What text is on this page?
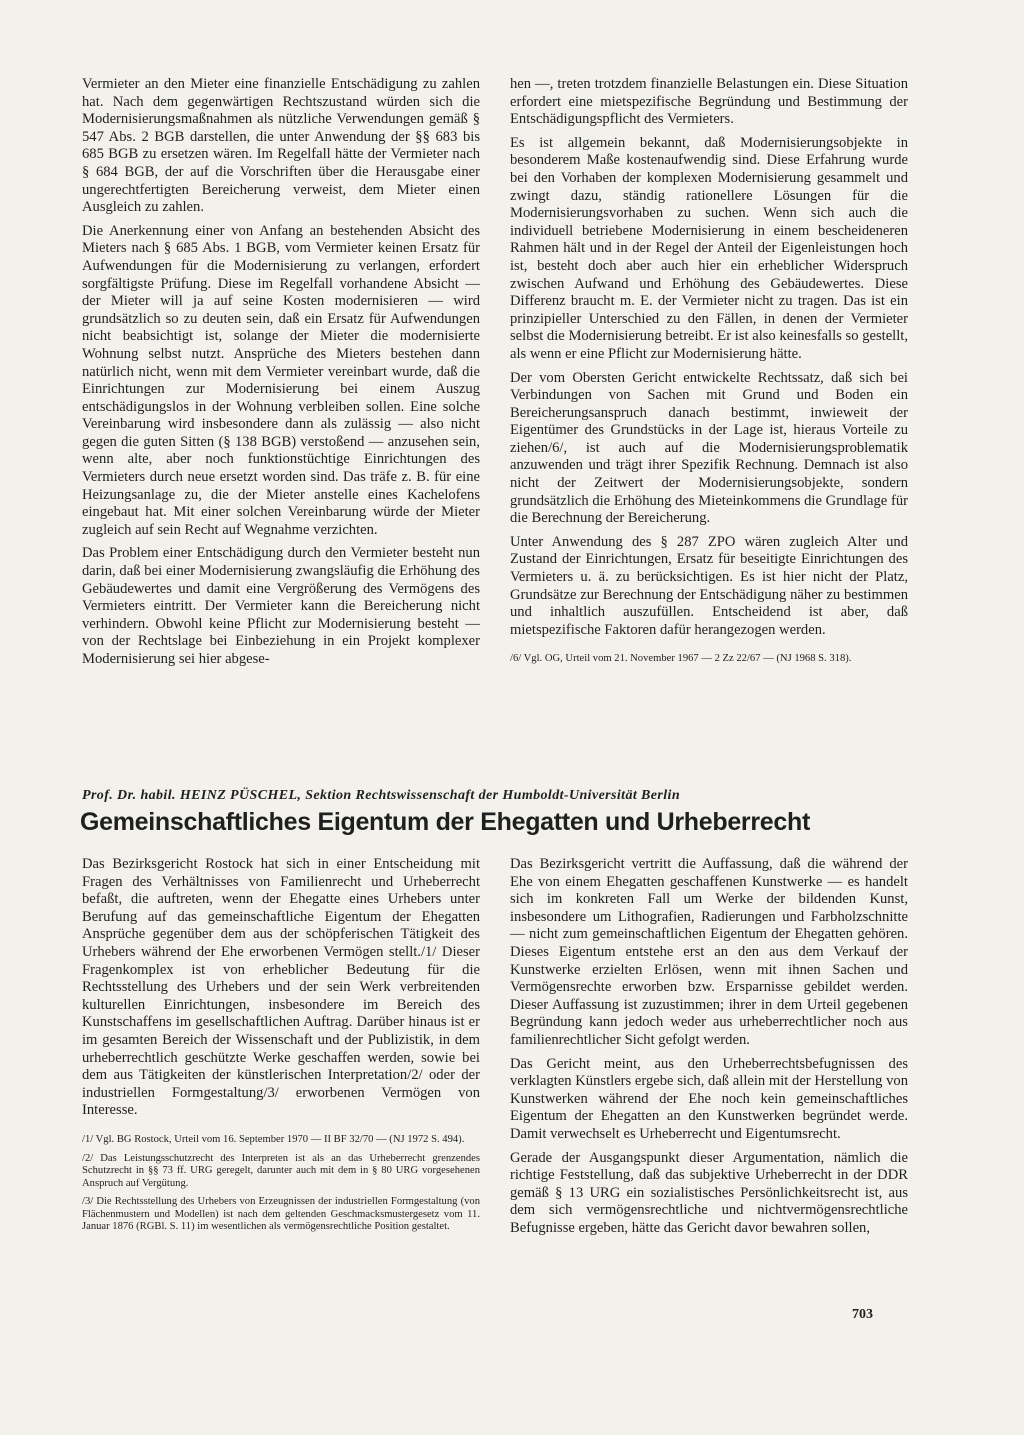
Vermieter an den Mieter eine finanzielle Entschädigung zu zahlen hat. Nach dem gegenwärtigen Rechtszustand würden sich die Modernisierungsmaßnahmen als nützliche Verwendungen gemäß § 547 Abs. 2 BGB darstellen, die unter Anwendung der §§ 683 bis 685 BGB zu ersetzen wären. Im Regelfall hätte der Vermieter nach § 684 BGB, der auf die Vorschriften über die Herausgabe einer ungerechtfertigten Bereicherung verweist, dem Mieter einen Ausgleich zu zahlen.

Die Anerkennung einer von Anfang an bestehenden Absicht des Mieters nach § 685 Abs. 1 BGB, vom Vermieter keinen Ersatz für Aufwendungen für die Modernisierung zu verlangen, erfordert sorgfältigste Prüfung. Diese im Regelfall vorhandene Absicht — der Mieter will ja auf seine Kosten modernisieren — wird grundsätzlich so zu deuten sein, daß ein Ersatz für Aufwendungen nicht beabsichtigt ist, solange der Mieter die modernisierte Wohnung selbst nutzt. Ansprüche des Mieters bestehen dann natürlich nicht, wenn mit dem Vermieter vereinbart wurde, daß die Einrichtungen zur Modernisierung bei einem Auszug entschädigungslos in der Wohnung verbleiben sollen. Eine solche Vereinbarung wird insbesondere dann als zulässig — also nicht gegen die guten Sitten (§ 138 BGB) verstoßend — anzusehen sein, wenn alte, aber noch funktionstüchtige Einrichtungen des Vermieters durch neue ersetzt worden sind. Das träfe z. B. für eine Heizungsanlage zu, die der Mieter anstelle eines Kachelofens eingebaut hat. Mit einer solchen Vereinbarung würde der Mieter zugleich auf sein Recht auf Wegnahme verzichten.

Das Problem einer Entschädigung durch den Vermieter besteht nun darin, daß bei einer Modernisierung zwangsläufig die Erhöhung des Gebäudewertes und damit eine Vergrößerung des Vermögens des Vermieters eintritt. Der Vermieter kann die Bereicherung nicht verhindern. Obwohl keine Pflicht zur Modernisierung besteht — von der Rechtslage bei Einbeziehung in ein Projekt komplexer Modernisierung sei hier abgese-

hen —, treten trotzdem finanzielle Belastungen ein. Diese Situation erfordert eine mietspezifische Begründung und Bestimmung der Entschädigungspflicht des Vermieters.

Es ist allgemein bekannt, daß Modernisierungsobjekte in besonderem Maße kostenaufwendig sind. Diese Erfahrung wurde bei den Vorhaben der komplexen Modernisierung gesammelt und zwingt dazu, ständig rationellere Lösungen für die Modernisierungsvorhaben zu suchen. Wenn sich auch die individuell betriebene Modernisierung in einem bescheideneren Rahmen hält und in der Regel der Anteil der Eigenleistungen hoch ist, besteht doch aber auch hier ein erheblicher Widerspruch zwischen Aufwand und Erhöhung des Gebäudewertes. Diese Differenz braucht m. E. der Vermieter nicht zu tragen. Das ist ein prinzipieller Unterschied zu den Fällen, in denen der Vermieter selbst die Modernisierung betreibt. Er ist also keinesfalls so gestellt, als wenn er eine Pflicht zur Modernisierung hätte.

Der vom Obersten Gericht entwickelte Rechtssatz, daß sich bei Verbindungen von Sachen mit Grund und Boden ein Bereicherungsanspruch danach bestimmt, inwieweit der Eigentümer des Grundstücks in der Lage ist, hieraus Vorteile zu ziehen/6/, ist auch auf die Modernisierungsproblematik anzuwenden und trägt ihrer Spezifik Rechnung. Demnach ist also nicht der Zeitwert der Modernisierungsobjekte, sondern grundsätzlich die Erhöhung des Mieteinkommens die Grundlage für die Berechnung der Bereicherung.

Unter Anwendung des § 287 ZPO wären zugleich Alter und Zustand der Einrichtungen, Ersatz für beseitigte Einrichtungen des Vermieters u. ä. zu berücksichtigen. Es ist hier nicht der Platz, Grundsätze zur Berechnung der Entschädigung näher zu bestimmen und inhaltlich auszufüllen. Entscheidend ist aber, daß mietspezifische Faktoren dafür herangezogen werden.

/6/ Vgl. OG, Urteil vom 21. November 1967 — 2 Zz 22/67 — (NJ 1968 S. 318).

Prof. Dr. habil. HEINZ PÜSCHEL, Sektion Rechtswissenschaft der Humboldt-Universität Berlin
Gemeinschaftliches Eigentum der Ehegatten und Urheberrecht

Das Bezirksgericht Rostock hat sich in einer Entscheidung mit Fragen des Verhältnisses von Familienrecht und Urheberrecht befaßt, die auftreten, wenn der Ehegatte eines Urhebers unter Berufung auf das gemeinschaftliche Eigentum der Ehegatten Ansprüche gegenüber dem aus der schöpferischen Tätigkeit des Urhebers während der Ehe erworbenen Vermögen stellt./1/ Dieser Fragenkomplex ist von erheblicher Bedeutung für die Rechtsstellung des Urhebers und der sein Werk verbreitenden kulturellen Einrichtungen, insbesondere im Bereich des Kunstschaffens im gesellschaftlichen Auftrag. Darüber hinaus ist er im gesamten Bereich der Wissenschaft und der Publizistik, in dem urheberrechtlich geschützte Werke geschaffen werden, sowie bei dem aus Tätigkeiten der künstlerischen Interpretation/2/ oder der industriellen Formgestaltung/3/ erworbenen Vermögen von Interesse.

/1/ Vgl. BG Rostock, Urteil vom 16. September 1970 — II BF 32/70 — (NJ 1972 S. 494).

/2/ Das Leistungsschutzrecht des Interpreten ist als an das Urheberrecht grenzendes Schutzrecht in §§ 73 ff. URG geregelt, darunter auch mit dem in § 80 URG vorgesehenen Anspruch auf Vergütung.

/3/ Die Rechtsstellung des Urhebers von Erzeugnissen der industriellen Formgestaltung (von Flächenmustern und Modellen) ist nach dem geltenden Geschmacksmustergesetz vom 11. Januar 1876 (RGBl. S. 11) im wesentlichen als vermögensrechtliche Position gestaltet.

Das Bezirksgericht vertritt die Auffassung, daß die während der Ehe von einem Ehegatten geschaffenen Kunstwerke — es handelt sich im konkreten Fall um Werke der bildenden Kunst, insbesondere um Lithografien, Radierungen und Farbholzschnitte — nicht zum gemeinschaftlichen Eigentum der Ehegatten gehören. Dieses Eigentum entstehe erst an den aus dem Verkauf der Kunstwerke erzielten Erlösen, wenn mit ihnen Sachen und Vermögensrechte erworben bzw. Ersparnisse gebildet werden. Dieser Auffassung ist zuzustimmen; ihrer in dem Urteil gegebenen Begründung kann jedoch weder aus urheberrechtlicher noch aus familienrechtlicher Sicht gefolgt werden.

Das Gericht meint, aus den Urheberrechtsbefugnissen des verklagten Künstlers ergebe sich, daß allein mit der Herstellung von Kunstwerken während der Ehe noch kein gemeinschaftliches Eigentum der Ehegatten an den Kunstwerken begründet werde. Damit verwechselt es Urheberrecht und Eigentumsrecht.

Gerade der Ausgangspunkt dieser Argumentation, nämlich die richtige Feststellung, daß das subjektive Urheberrecht in der DDR gemäß § 13 URG ein sozialistisches Persönlichkeitsrecht ist, aus dem sich vermögensrechtliche und nichtvermögensrechtliche Befugnisse ergeben, hätte das Gericht davor bewahren sollen,

703
